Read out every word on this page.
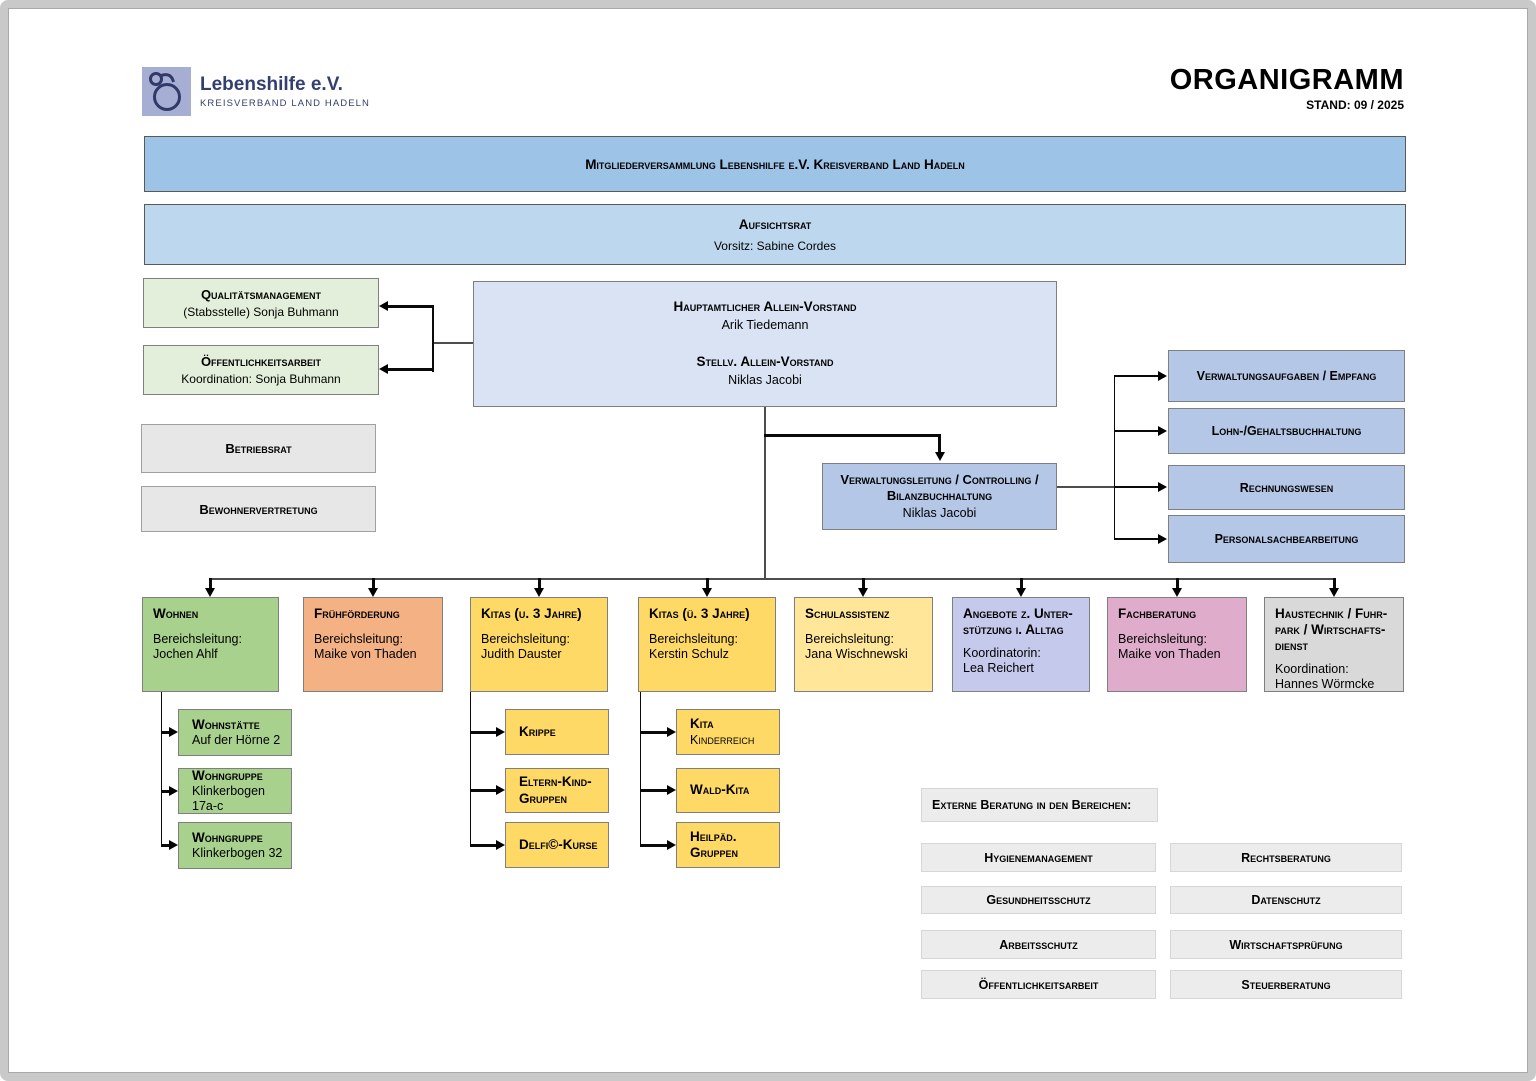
Lebenshilfe e.V.
KREISVERBAND LAND HADELN
ORGANIGRAMM
STAND: 09 / 2025
Mitgliederversammlung Lebenshilfe e.V. Kreisverband Land Hadeln
Aufsichtsrat
Vorsitz: Sabine Cordes
Qualitätsmanagement
(Stabsstelle) Sonja Buhmann
Öffentlichkeitsarbeit
Koordination: Sonja Buhmann
Hauptamtlicher Allein-Vorstand
Arik Tiedemann
Stellv. Allein-Vorstand
Niklas Jacobi
Betriebsrat
Bewohnervertretung
Verwaltungsleitung / Controlling / Bilanzbuchhaltung
Niklas Jacobi
Verwaltungsaufgaben / Empfang
Lohn-/Gehaltsbuchhaltung
Rechnungswesen
Personalsachbearbeitung
Wohnen
Bereichsleitung:
Jochen Ahlf
Frühförderung
Bereichsleitung:
Maike von Thaden
Kitas (u. 3 Jahre)
Bereichsleitung:
Judith Dauster
Kitas (ü. 3 Jahre)
Bereichsleitung:
Kerstin Schulz
Schulassistenz
Bereichsleitung:
Jana Wischnewski
Angebote z. Unterstützung i. Alltag
Koordinatorin:
Lea Reichert
Fachberatung
Bereichsleitung:
Maike von Thaden
Haustechnik / Fuhrpark / Wirtschaftsdienst
Koordination:
Hannes Wörmcke
Wohnstätte
Auf der Hörne 2
Wohngruppe
Klinkerbogen 17a-c
Wohngruppe
Klinkerbogen 32
Krippe
Eltern-Kind-Gruppen
Delfi©-Kurse
Kita
Kinderreich
Wald-Kita
Heilpäd. Gruppen
Externe Beratung in den Bereichen:
Hygienemanagement	Rechtsberatung
Gesundheitsschutz	Datenschutz
Arbeitsschutz	Wirtschaftsprüfung
Öffentlichkeitsarbeit	Steuerberatung
